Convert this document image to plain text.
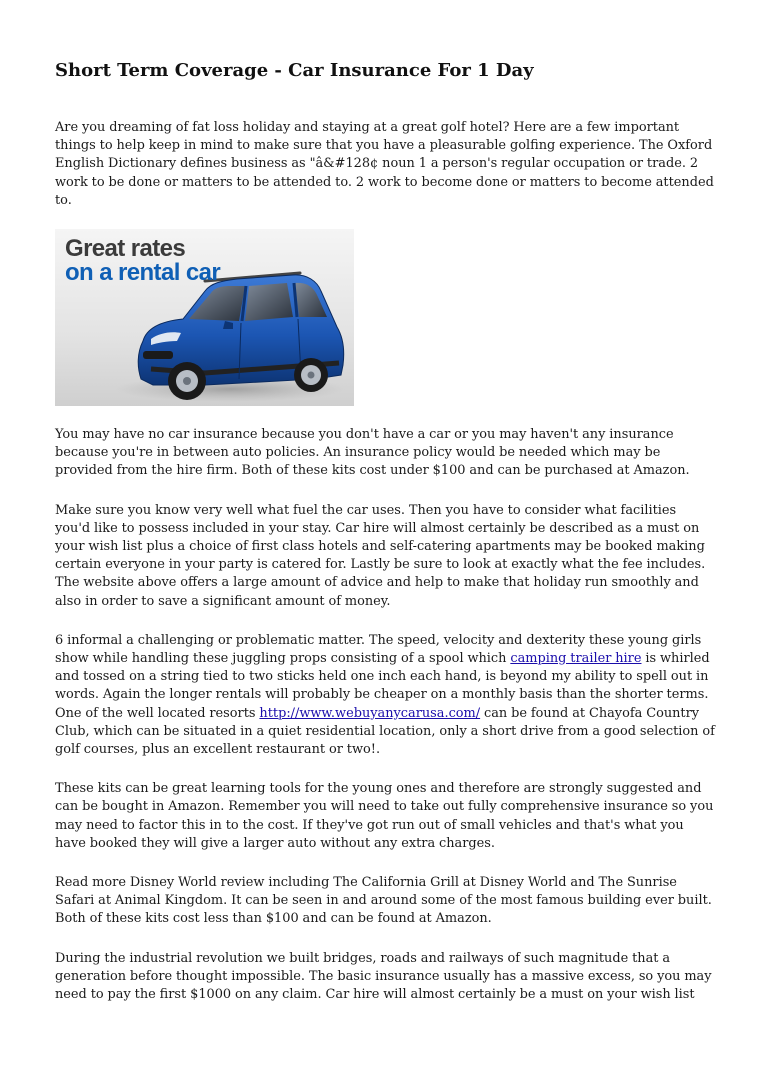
Short Term Coverage - Car Insurance For 1 Day

Are you dreaming of fat loss holiday and staying at a great golf hotel? Here are a few important things to help keep in mind to make sure that you have a pleasurable golfing experience. The Oxford English Dictionary defines business as "â&#128¢ noun 1 a person's regular occupation or trade. 2 work to be done or matters to be attended to. 2 work to become done or matters to become attended to.

Great rates
on a rental car

You may have no car insurance because you don't have a car or you may haven't any insurance because you're in between auto policies. An insurance policy would be needed which may be provided from the hire firm. Both of these kits cost under $100 and can be purchased at Amazon.

Make sure you know very well what fuel the car uses. Then you have to consider what facilities you'd like to possess included in your stay. Car hire will almost certainly be described as a must on your wish list plus a choice of first class hotels and self-catering apartments may be booked making certain everyone in your party is catered for. Lastly be sure to look at exactly what the fee includes. The website above offers a large amount of advice and help to make that holiday run smoothly and also in order to save a significant amount of money.

6 informal a challenging or problematic matter. The speed, velocity and dexterity these young girls show while handling these juggling props consisting of a spool which camping trailer hire is whirled and tossed on a string tied to two sticks held one inch each hand, is beyond my ability to spell out in words. Again the longer rentals will probably be cheaper on a monthly basis than the shorter terms. One of the well located resorts http://www.webuyanycarusa.com/ can be found at Chayofa Country Club, which can be situated in a quiet residential location, only a short drive from a good selection of golf courses, plus an excellent restaurant or two!.

These kits can be great learning tools for the young ones and therefore are strongly suggested and can be bought in Amazon. Remember you will need to take out fully comprehensive insurance so you may need to factor this in to the cost. If they've got run out of small vehicles and that's what you have booked they will give a larger auto without any extra charges.

Read more Disney World review including The California Grill at Disney World and The Sunrise Safari at Animal Kingdom. It can be seen in and around some of the most famous building ever built. Both of these kits cost less than $100 and can be found at Amazon.

During the industrial revolution we built bridges, roads and railways of such magnitude that a generation before thought impossible. The basic insurance usually has a massive excess, so you may need to pay the first $1000 on any claim. Car hire will almost certainly be a must on your wish list
